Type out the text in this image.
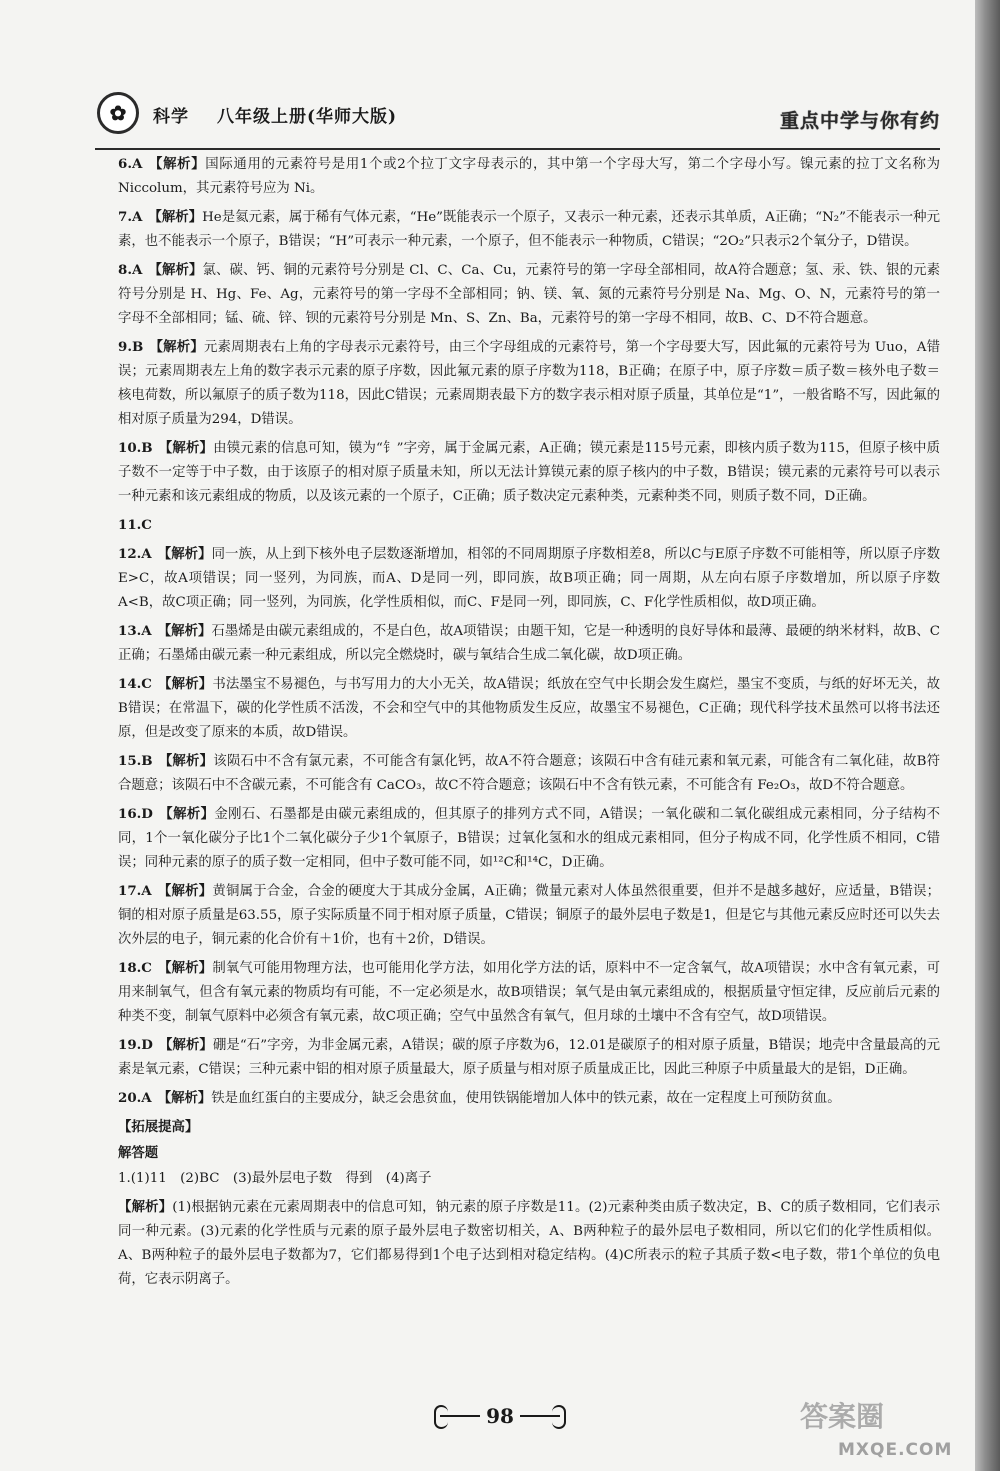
✿	科学 八年级上册(华师大版)	重点中学与你有约
6.A 【解析】国际通用的元素符号是用1个或2个拉丁文字母表示的，其中第一个字母大写，第二个字母小写。镍元素的拉丁文名称为 Niccolum，其元素符号应为 Ni。
7.A 【解析】He是氦元素，属于稀有气体元素，“He”既能表示一个原子，又表示一种元素，还表示其单质，A正确；“N₂”不能表示一种元素，也不能表示一个原子，B错误；“H”可表示一种元素，一个原子，但不能表示一种物质，C错误；“2O₂”只表示2个氧分子，D错误。
8.A 【解析】氯、碳、钙、铜的元素符号分别是 Cl、C、Ca、Cu，元素符号的第一字母全部相同，故A符合题意；氢、汞、铁、银的元素符号分别是 H、Hg、Fe、Ag，元素符号的第一字母不全部相同；钠、镁、氧、氮的元素符号分别是 Na、Mg、O、N，元素符号的第一字母不全部相同；锰、硫、锌、钡的元素符号分别是 Mn、S、Zn、Ba，元素符号的第一字母不相同，故B、C、D不符合题意。
9.B 【解析】元素周期表右上角的字母表示元素符号，由三个字母组成的元素符号，第一个字母要大写，因此氟的元素符号为 Uuo，A错误；元素周期表左上角的数字表示元素的原子序数，因此氟元素的原子序数为118，B正确；在原子中，原子序数＝质子数＝核外电子数＝核电荷数，所以氟原子的质子数为118，因此C错误；元素周期表最下方的数字表示相对原子质量，其单位是“1”，一般省略不写，因此氟的相对原子质量为294，D错误。
10.B 【解析】由镆元素的信息可知，镆为“钅”字旁，属于金属元素，A正确；镆元素是115号元素，即核内质子数为115，但原子核中质子数不一定等于中子数，由于该原子的相对原子质量未知，所以无法计算镆元素的原子核内的中子数，B错误；镆元素的元素符号可以表示一种元素和该元素组成的物质，以及该元素的一个原子，C正确；质子数决定元素种类，元素种类不同，则质子数不同，D正确。
11.C
12.A 【解析】同一族，从上到下核外电子层数逐渐增加，相邻的不同周期原子序数相差8，所以C与E原子序数不可能相等，所以原子序数E>C，故A项错误；同一竖列，为同族，而A、D是同一列，即同族，故B项正确；同一周期，从左向右原子序数增加，所以原子序数A<B，故C项正确；同一竖列，为同族，化学性质相似，而C、F是同一列，即同族，C、F化学性质相似，故D项正确。
13.A 【解析】石墨烯是由碳元素组成的，不是白色，故A项错误；由题干知，它是一种透明的良好导体和最薄、最硬的纳米材料，故B、C正确；石墨烯由碳元素一种元素组成，所以完全燃烧时，碳与氧结合生成二氧化碳，故D项正确。
14.C 【解析】书法墨宝不易褪色，与书写用力的大小无关，故A错误；纸放在空气中长期会发生腐烂，墨宝不变质，与纸的好坏无关，故B错误；在常温下，碳的化学性质不活泼，不会和空气中的其他物质发生反应，故墨宝不易褪色，C正确；现代科学技术虽然可以将书法还原，但是改变了原来的本质，故D错误。
15.B 【解析】该陨石中不含有氯元素，不可能含有氯化钙，故A不符合题意；该陨石中含有硅元素和氧元素，可能含有二氧化硅，故B符合题意；该陨石中不含碳元素，不可能含有 CaCO₃，故C不符合题意；该陨石中不含有铁元素，不可能含有 Fe₂O₃，故D不符合题意。
16.D 【解析】金刚石、石墨都是由碳元素组成的，但其原子的排列方式不同，A错误；一氧化碳和二氧化碳组成元素相同，分子结构不同，1个一氧化碳分子比1个二氧化碳分子少1个氧原子，B错误；过氧化氢和水的组成元素相同，但分子构成不同，化学性质不相同，C错误；同种元素的原子的质子数一定相同，但中子数可能不同，如¹²C和¹⁴C，D正确。
17.A 【解析】黄铜属于合金，合金的硬度大于其成分金属，A正确；微量元素对人体虽然很重要，但并不是越多越好，应适量，B错误；铜的相对原子质量是63.55，原子实际质量不同于相对原子质量，C错误；铜原子的最外层电子数是1，但是它与其他元素反应时还可以失去次外层的电子，铜元素的化合价有＋1价，也有＋2价，D错误。
18.C 【解析】制氧气可能用物理方法，也可能用化学方法，如用化学方法的话，原料中不一定含氧气，故A项错误；水中含有氧元素，可用来制氧气，但含有氧元素的物质均有可能，不一定必须是水，故B项错误；氧气是由氧元素组成的，根据质量守恒定律，反应前后元素的种类不变，制氧气原料中必须含有氧元素，故C项正确；空气中虽然含有氧气，但月球的土壤中不含有空气，故D项错误。
19.D 【解析】硼是“石”字旁，为非金属元素，A错误；碳的原子序数为6，12.01是碳原子的相对原子质量，B错误；地壳中含量最高的元素是氧元素，C错误；三种元素中铝的相对原子质量最大，原子质量与相对原子质量成正比，因此三种原子中质量最大的是铝，D正确。
20.A 【解析】铁是血红蛋白的主要成分，缺乏会患贫血，使用铁锅能增加人体中的铁元素，故在一定程度上可预防贫血。
【拓展提高】
解答题
1.(1)11　(2)BC　(3)最外层电子数　得到　(4)离子
【解析】(1)根据钠元素在元素周期表中的信息可知，钠元素的原子序数是11。(2)元素种类由质子数决定，B、C的质子数相同，它们表示同一种元素。(3)元素的化学性质与元素的原子最外层电子数密切相关，A、B两种粒子的最外层电子数相同，所以它们的化学性质相似。A、B两种粒子的最外层电子数都为7，它们都易得到1个电子达到相对稳定结构。(4)C所表示的粒子其质子数<电子数，带1个单位的负电荷，它表示阴离子。
98	答案圈
MXQE.COM
